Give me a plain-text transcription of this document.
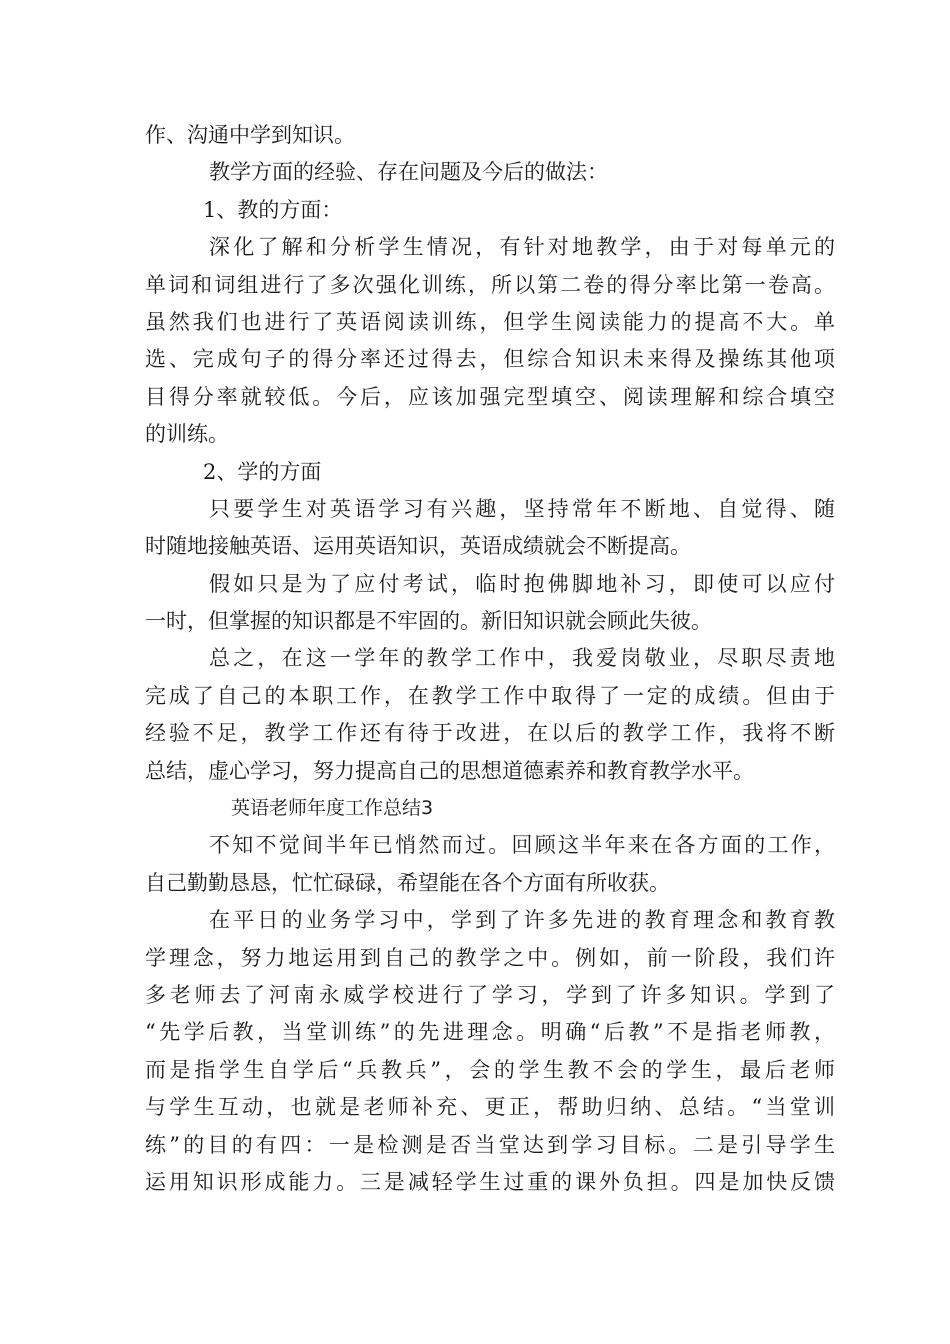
作、沟通中学到知识。
教学方面的经验、存在问题及今后的做法：
1、教的方面：
深化了解和分析学生情况，有针对地教学，由于对每单元的
单词和词组进行了多次强化训练，所以第二卷的得分率比第一卷高。
虽然我们也进行了英语阅读训练，但学生阅读能力的提高不大。单
选、完成句子的得分率还过得去，但综合知识未来得及操练其他项
目得分率就较低。今后，应该加强完型填空、阅读理解和综合填空
的训练。
2、学的方面
只要学生对英语学习有兴趣，坚持常年不断地、自觉得、随
时随地接触英语、运用英语知识，英语成绩就会不断提高。
假如只是为了应付考试，临时抱佛脚地补习，即使可以应付
一时，但掌握的知识都是不牢固的。新旧知识就会顾此失彼。
总之，在这一学年的教学工作中，我爱岗敬业，尽职尽责地
完成了自己的本职工作，在教学工作中取得了一定的成绩。但由于
经验不足，教学工作还有待于改进，在以后的教学工作，我将不断
总结，虚心学习，努力提高自己的思想道德素养和教育教学水平。
英语老师年度工作总结3
不知不觉间半年已悄然而过。回顾这半年来在各方面的工作，
自己勤勤恳恳，忙忙碌碌，希望能在各个方面有所收获。
在平日的业务学习中，学到了许多先进的教育理念和教育教
学理念，努力地运用到自己的教学之中。例如，前一阶段，我们许
多老师去了河南永威学校进行了学习，学到了许多知识。学到了
“先学后教，当堂训练”的先进理念。明确“后教”不是指老师教，
而是指学生自学后“兵教兵”，会的学生教不会的学生，最后老师
与学生互动，也就是老师补充、更正，帮助归纳、总结。“当堂训
练”的目的有四：一是检测是否当堂达到学习目标。二是引导学生
运用知识形成能力。三是减轻学生过重的课外负担。四是加快反馈
